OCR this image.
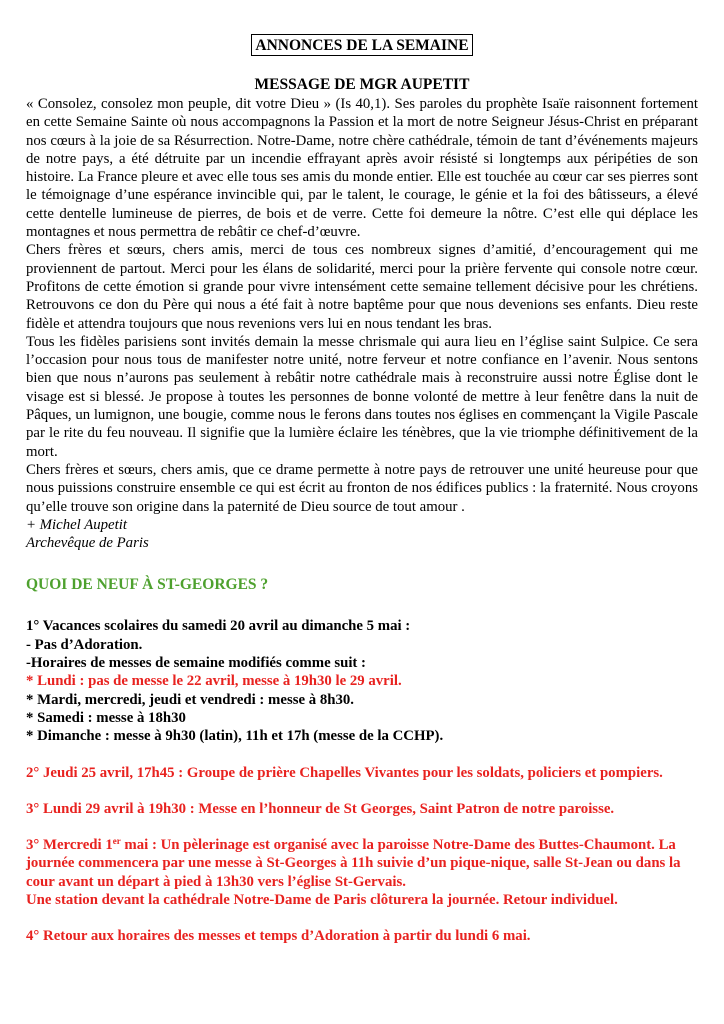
ANNONCES DE LA SEMAINE
MESSAGE DE MGR AUPETIT

« Consolez, consolez mon peuple, dit votre Dieu » (Is 40,1). Ses paroles du prophète Isaïe raisonnent fortement en cette Semaine Sainte où nous accompagnons la Passion et la mort de notre Seigneur Jésus-Christ en préparant nos cœurs à la joie de sa Résurrection. Notre-Dame, notre chère cathédrale, témoin de tant d’événements majeurs de notre pays, a été détruite par un incendie effrayant après avoir résisté si longtemps aux péripéties de son histoire. La France pleure et avec elle tous ses amis du monde entier. Elle est touchée au cœur car ses pierres sont le témoignage d’une espérance invincible qui, par le talent, le courage, le génie et la foi des bâtisseurs, a élevé cette dentelle lumineuse de pierres, de bois et de verre. Cette foi demeure la nôtre. C’est elle qui déplace les montagnes et nous permettra de rebâtir ce chef-d’œuvre.

Chers frères et sœurs, chers amis, merci de tous ces nombreux signes d’amitié, d’encouragement qui me proviennent de partout. Merci pour les élans de solidarité, merci pour la prière fervente qui console notre cœur. Profitons de cette émotion si grande pour vivre intensément cette semaine tellement décisive pour les chrétiens. Retrouvons ce don du Père qui nous a été fait à notre baptême pour que nous devenions ses enfants. Dieu reste fidèle et attendra toujours que nous revenions vers lui en nous tendant les bras.

Tous les fidèles parisiens sont invités demain la messe chrismale qui aura lieu en l’église saint Sulpice. Ce sera l’occasion pour nous tous de manifester notre unité, notre ferveur et notre confiance en l’avenir. Nous sentons bien que nous n’aurons pas seulement à rebâtir notre cathédrale mais à reconstruire aussi notre Église dont le visage est si blessé. Je propose à toutes les personnes de bonne volonté de mettre à leur fenêtre dans la nuit de Pâques, un lumignon, une bougie, comme nous le ferons dans toutes nos églises en commençant la Vigile Pascale par le rite du feu nouveau. Il signifie que la lumière éclaire les ténèbres, que la vie triomphe définitivement de la mort.

Chers frères et sœurs, chers amis, que ce drame permette à notre pays de retrouver une unité heureuse pour que nous puissions construire ensemble ce qui est écrit au fronton de nos édifices publics : la fraternité. Nous croyons qu’elle trouve son origine dans la paternité de Dieu source de tout amour .

+ Michel Aupetit
Archevêque de Paris
QUOI DE NEUF À ST-GEORGES ?
1° Vacances scolaires du samedi 20 avril au dimanche 5 mai :
- Pas d’Adoration.
-Horaires de messes de semaine modifiés comme suit :
* Lundi : pas de messe le 22 avril, messe à 19h30 le 29 avril.
* Mardi, mercredi, jeudi et vendredi : messe à 8h30.
* Samedi : messe à 18h30
* Dimanche : messe à 9h30 (latin), 11h et 17h (messe de la CCHP).
2° Jeudi 25 avril, 17h45 : Groupe de prière Chapelles Vivantes pour les soldats, policiers et pompiers.
3° Lundi 29 avril à 19h30 : Messe en l’honneur de St Georges, Saint Patron de notre paroisse.
3° Mercredi 1er mai : Un pèlerinage est organisé avec la paroisse Notre-Dame des Buttes-Chaumont. La journée commencera par une messe à St-Georges à 11h suivie d’un pique-nique, salle St-Jean ou dans la cour avant un départ à pied à 13h30 vers l’église St-Gervais.
Une station devant la cathédrale Notre-Dame de Paris clôturera la journée. Retour individuel.
4° Retour aux horaires des messes et temps d’Adoration à partir du lundi 6 mai.
